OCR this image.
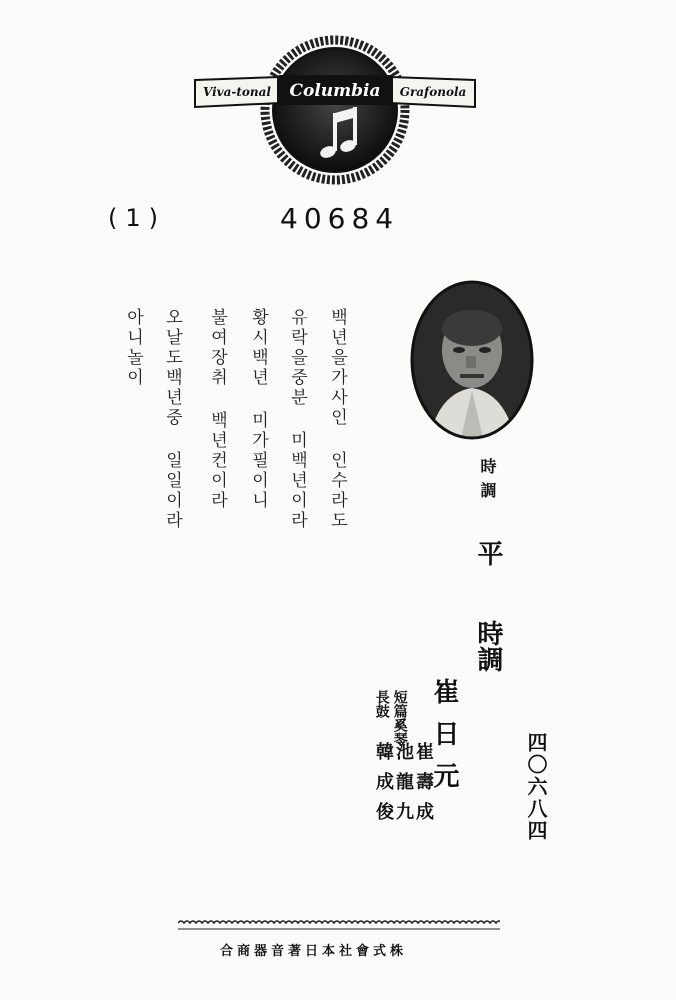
Viva-tonal Columbia Grafonola
(1)	40684
백년을가사인 인수라도
유락을중분 미백년이라
황시백년 미가필이니
불여장취 백년컨이라
오날도백년중 일일이라
아니놀이
時調
平
時調
崔日元
短篇奚琴
長鼓
崔壽成
池龍九
韓成俊	四〇六八四
合商器音著日本社會式株
